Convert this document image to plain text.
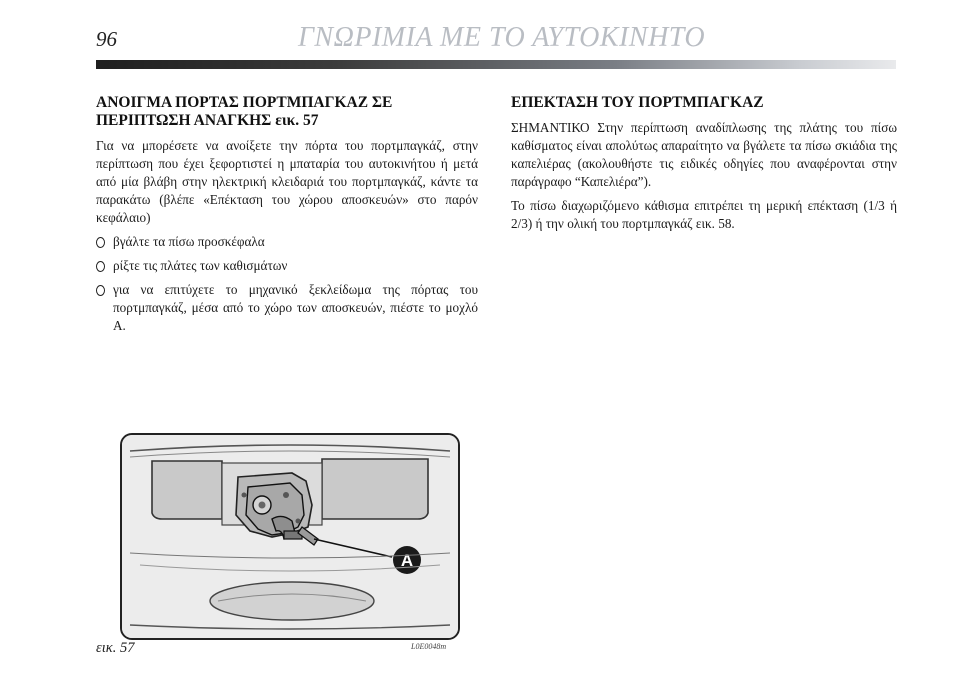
96	ΓΝΩΡΙΜΙΑ ΜΕ ΤΟ ΑΥΤΟΚΙΝΗΤΟ
ΑΝΟΙΓΜΑ ΠΟΡΤΑΣ ΠΟΡΤΜΠΑΓΚΑΖ ΣΕ
ΠΕΡΙΠΤΩΣΗ ΑΝΑΓΚΗΣ εικ. 57

Για να μπορέσετε να ανοίξετε την πόρτα του πορτμπαγκάζ, στην περίπτωση που έχει ξεφορτιστεί η μπαταρία του αυτοκινήτου ή μετά από μία βλάβη στην ηλεκτρική κλειδαριά του πορτμπαγκάζ, κάντε τα παρακάτω (βλέπε «Επέκταση του χώρου αποσκευών» στο παρόν κεφάλαιο)

βγάλτε τα πίσω προσκέφαλα
ρίξτε τις πλάτες των καθισμάτων
για να επιτύχετε το μηχανικό ξεκλείδωμα της πόρτας του πορτμπαγκάζ, μέσα από το χώρο των αποσκευών, πιέστε το μοχλό A.
ΕΠΕΚΤΑΣΗ ΤΟΥ ΠΟΡΤΜΠΑΓΚΑΖ

ΣΗΜΑΝΤΙΚΟ Στην περίπτωση αναδίπλωσης της πλάτης του πίσω καθίσματος είναι απολύτως απαραίτητο να βγάλετε τα πίσω σκιάδια της καπελιέρας (ακολουθήστε τις ειδικές οδηγίες που αναφέρονται στην παράγραφο “Καπελιέρα”).

Το πίσω διαχωριζόμενο κάθισμα επιτρέπει τη μερική επέκταση (1/3 ή 2/3) ή την ολική του πορτμπαγκάζ εικ. 58.

A
εικ. 57	L0E0048m
